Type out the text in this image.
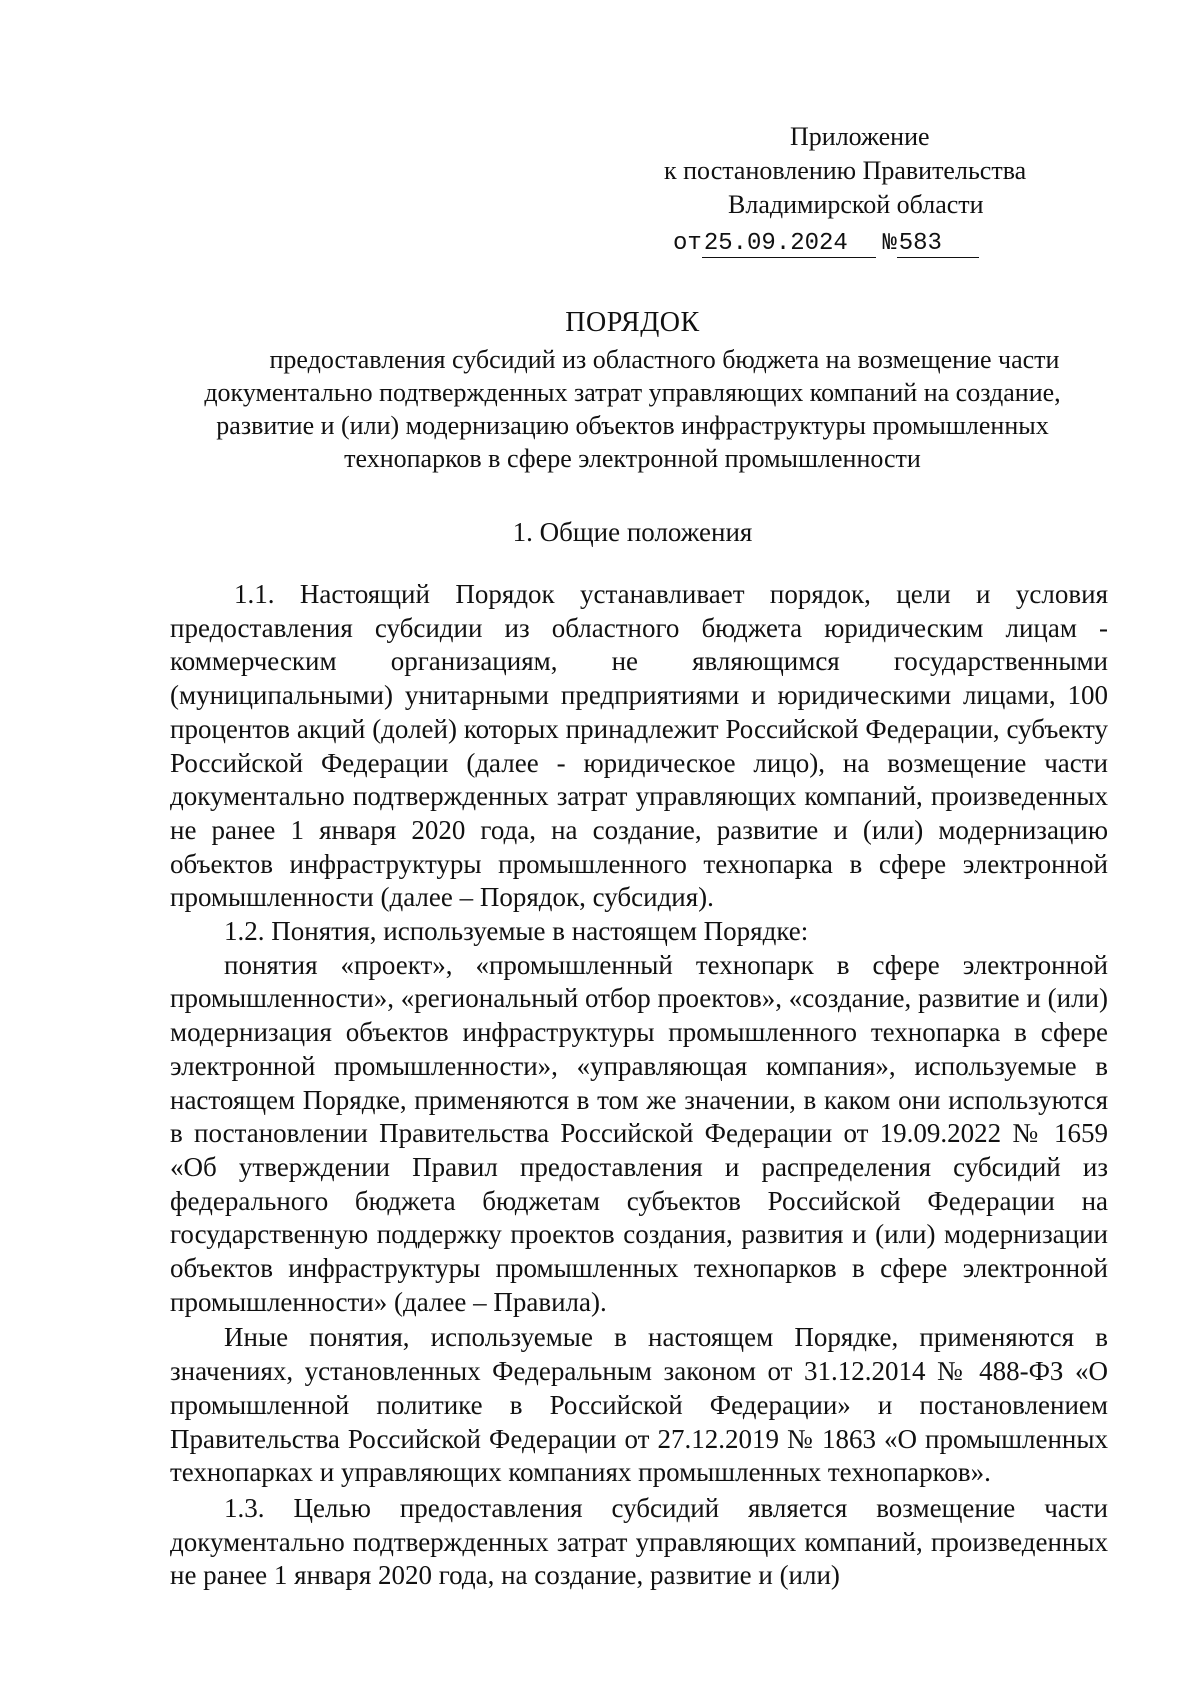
Приложение
к постановлению Правительства
Владимирской области
от25.09.2024 №583
ПОРЯДОК
предоставления субсидий из областного бюджета на возмещение части документально подтвержденных затрат управляющих компаний на создание, развитие и (или) модернизацию объектов инфраструктуры промышленных технопарков в сфере электронной промышленности
1. Общие положения

1.1. Настоящий Порядок устанавливает порядок, цели и условия предоставления субсидии из областного бюджета юридическим лицам - коммерческим организациям, не являющимся государственными (муниципальными) унитарными предприятиями и юридическими лицами, 100 процентов акций (долей) которых принадлежит Российской Федерации, субъекту Российской Федерации (далее - юридическое лицо), на возмещение части документально подтвержденных затрат управляющих компаний, произведенных не ранее 1 января 2020 года, на создание, развитие и (или) модернизацию объектов инфраструктуры промышленного технопарка в сфере электронной промышленности (далее – Порядок, субсидия).

1.2. Понятия, используемые в настоящем Порядке:

понятия «проект», «промышленный технопарк в сфере электронной промышленности», «региональный отбор проектов», «создание, развитие и (или) модернизация объектов инфраструктуры промышленного технопарка в сфере электронной промышленности», «управляющая компания», используемые в настоящем Порядке, применяются в том же значении, в каком они используются в постановлении Правительства Российской Федерации от 19.09.2022 № 1659 «Об утверждении Правил предоставления и распределения субсидий из федерального бюджета бюджетам субъектов Российской Федерации на государственную поддержку проектов создания, развития и (или) модернизации объектов инфраструктуры промышленных технопарков в сфере электронной промышленности» (далее – Правила).

Иные понятия, используемые в настоящем Порядке, применяются в значениях, установленных Федеральным законом от 31.12.2014 № 488-ФЗ «О промышленной политике в Российской Федерации» и постановлением Правительства Российской Федерации от 27.12.2019 № 1863 «О промышленных технопарках и управляющих компаниях промышленных технопарков».

1.3. Целью предоставления субсидий является возмещение части документально подтвержденных затрат управляющих компаний, произведенных не ранее 1 января 2020 года, на создание, развитие и (или)
